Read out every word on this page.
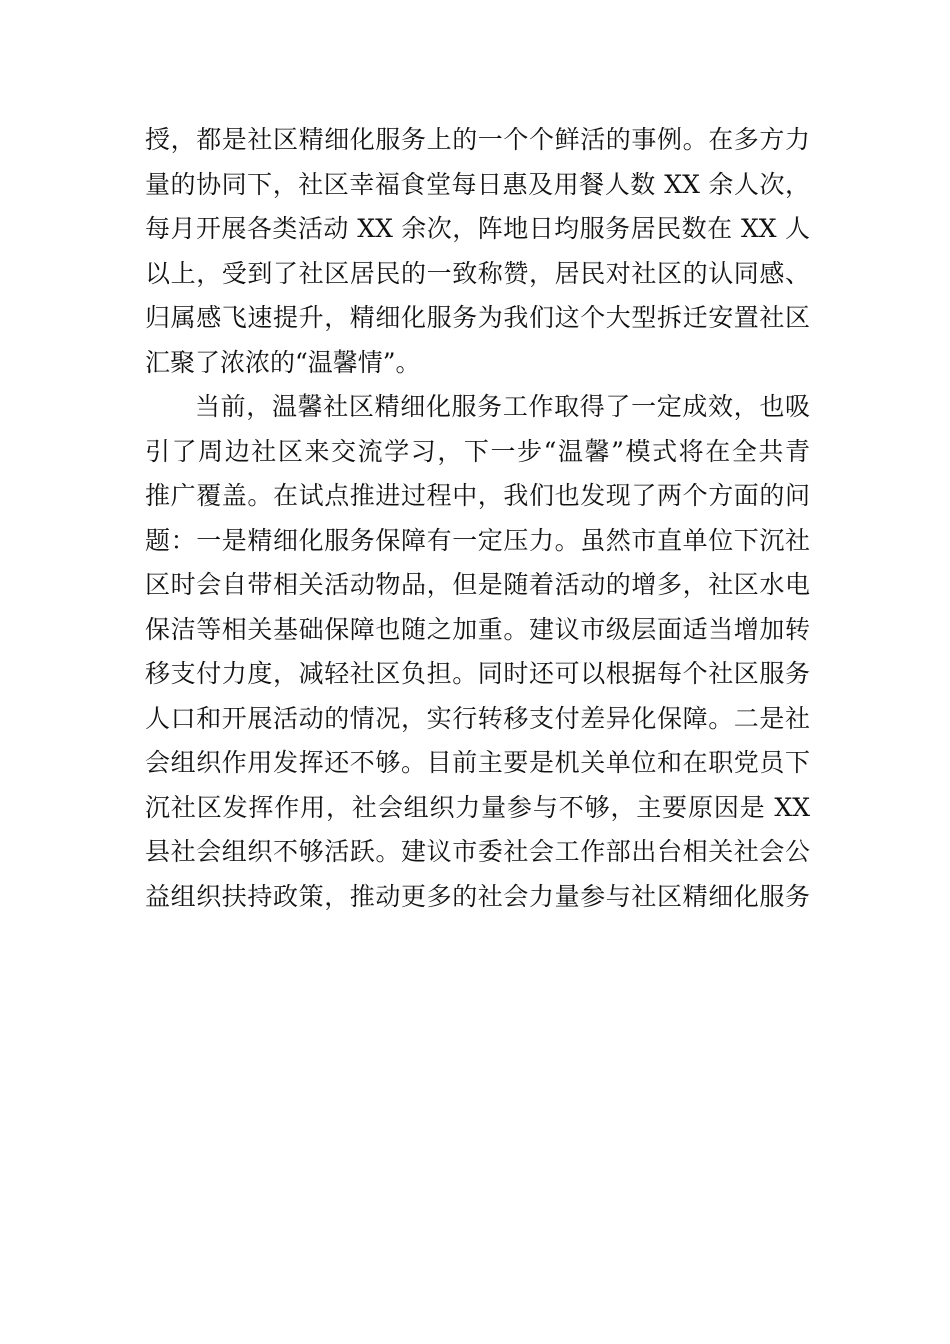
授，都是社区精细化服务上的一个个鲜活的事例。在多方力
量的协同下，社区幸福食堂每日惠及用餐人数 XX 余人次，
每月开展各类活动 XX 余次，阵地日均服务居民数在 XX 人
以上，受到了社区居民的一致称赞，居民对社区的认同感、
归属感飞速提升，精细化服务为我们这个大型拆迁安置社区
汇聚了浓浓的“温馨情”。
当前，温馨社区精细化服务工作取得了一定成效，也吸
引了周边社区来交流学习，下一步“温馨”模式将在全共青
推广覆盖。在试点推进过程中，我们也发现了两个方面的问
题：一是精细化服务保障有一定压力。虽然市直单位下沉社
区时会自带相关活动物品，但是随着活动的增多，社区水电
保洁等相关基础保障也随之加重。建议市级层面适当增加转
移支付力度，减轻社区负担。同时还可以根据每个社区服务
人口和开展活动的情况，实行转移支付差异化保障。二是社
会组织作用发挥还不够。目前主要是机关单位和在职党员下
沉社区发挥作用，社会组织力量参与不够，主要原因是 XX
县社会组织不够活跃。建议市委社会工作部出台相关社会公
益组织扶持政策，推动更多的社会力量参与社区精细化服务
